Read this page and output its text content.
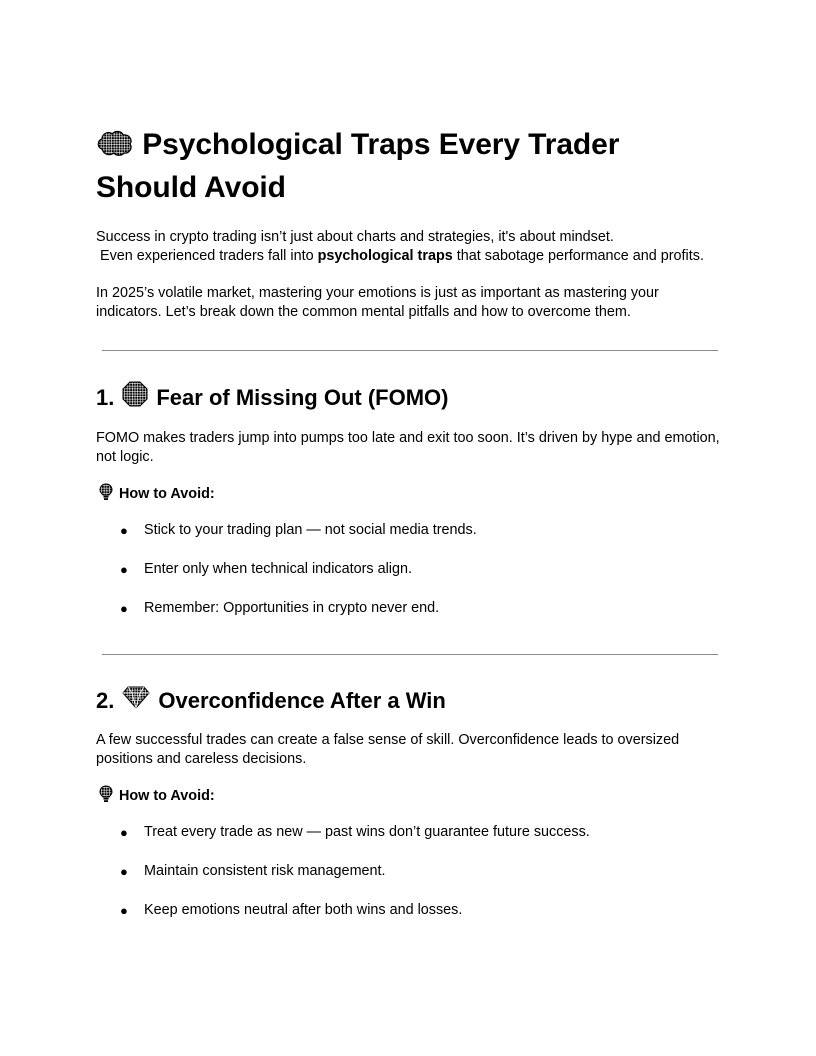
Psychological Traps Every Trader Should Avoid

Success in crypto trading isn’t just about charts and strategies, it's about mindset.
Even experienced traders fall into psychological traps that sabotage performance and profits.

In 2025’s volatile market, mastering your emotions is just as important as mastering your indicators. Let’s break down the common mental pitfalls and how to overcome them.

1. Fear of Missing Out (FOMO)

FOMO makes traders jump into pumps too late and exit too soon. It’s driven by hype and emotion, not logic.

How to Avoid:
● Stick to your trading plan — not social media trends.
● Enter only when technical indicators align.
● Remember: Opportunities in crypto never end.
2. Overconfidence After a Win

A few successful trades can create a false sense of skill. Overconfidence leads to oversized positions and careless decisions.

How to Avoid:
● Treat every trade as new — past wins don’t guarantee future success.
● Maintain consistent risk management.
● Keep emotions neutral after both wins and losses.
